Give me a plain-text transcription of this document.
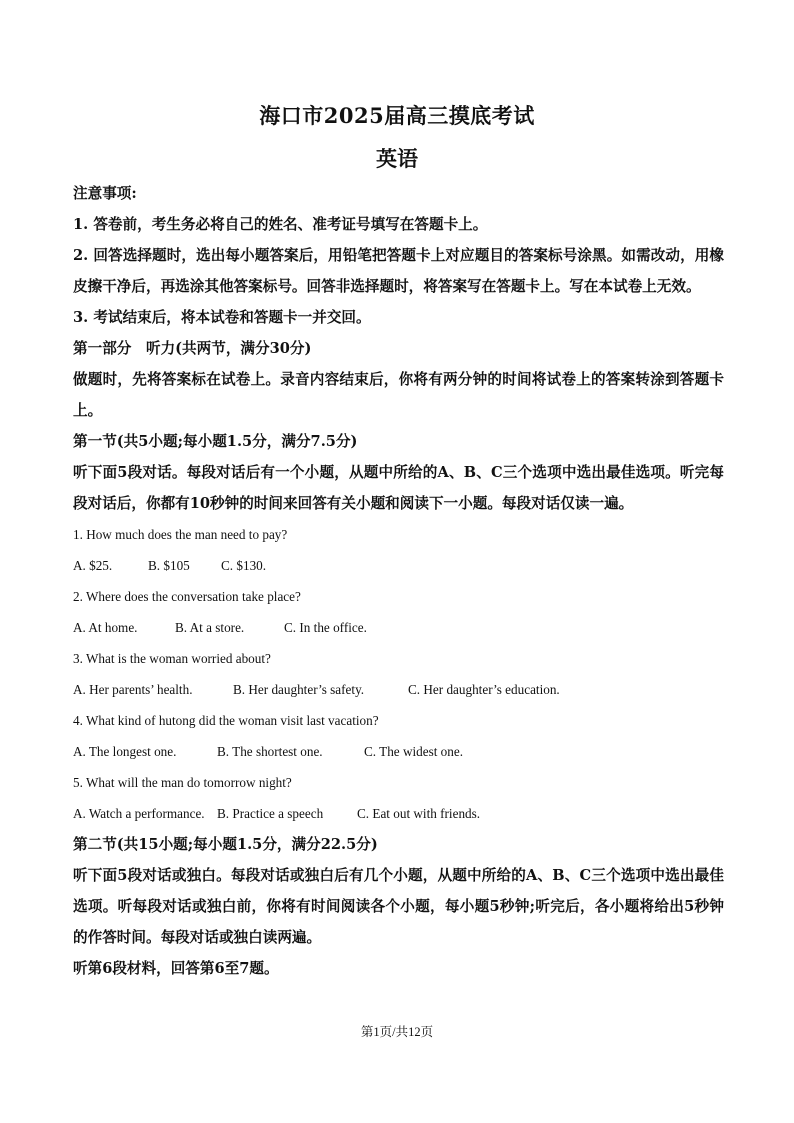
海口市2025届高三摸底考试
英语
注意事项:
1. 答卷前，考生务必将自己的姓名、准考证号填写在答题卡上。
2. 回答选择题时，选出每小题答案后，用铅笔把答题卡上对应题目的答案标号涂黑。如需改动，用橡皮擦干净后，再选涂其他答案标号。回答非选择题时，将答案写在答题卡上。写在本试卷上无效。
3. 考试结束后，将本试卷和答题卡一并交回。
第一部分　听力(共两节，满分30分)
做题时，先将答案标在试卷上。录音内容结束后，你将有两分钟的时间将试卷上的答案转涂到答题卡上。
第一节(共5小题;每小题1.5分，满分7.5分)
听下面5段对话。每段对话后有一个小题，从题中所给的A、B、C三个选项中选出最佳选项。听完每段对话后，你都有10秒钟的时间来回答有关小题和阅读下一小题。每段对话仅读一遍。
1. How much does the man need to pay?
A. $25.	B. $105 C. $130.
2. Where does the conversation take place?
A. At home.	B. At a store.	C. In the office.
3. What is the woman worried about?
A. Her parents’ health.	B. Her daughter’s safety.	C. Her daughter’s education.
4. What kind of hutong did the woman visit last vacation?
A. The longest one.	B. The shortest one.	C. The widest one.
5. What will the man do tomorrow night?
A. Watch a performance. B. Practice a speech	C. Eat out with friends.
第二节(共15小题;每小题1.5分，满分22.5分)
听下面5段对话或独白。每段对话或独白后有几个小题，从题中所给的A、B、C三个选项中选出最佳选项。听每段对话或独白前，你将有时间阅读各个小题，每小题5秒钟;听完后，各小题将给出5秒钟的作答时间。每段对话或独白读两遍。
听第6段材料，回答第6至7题。
第1页/共12页
